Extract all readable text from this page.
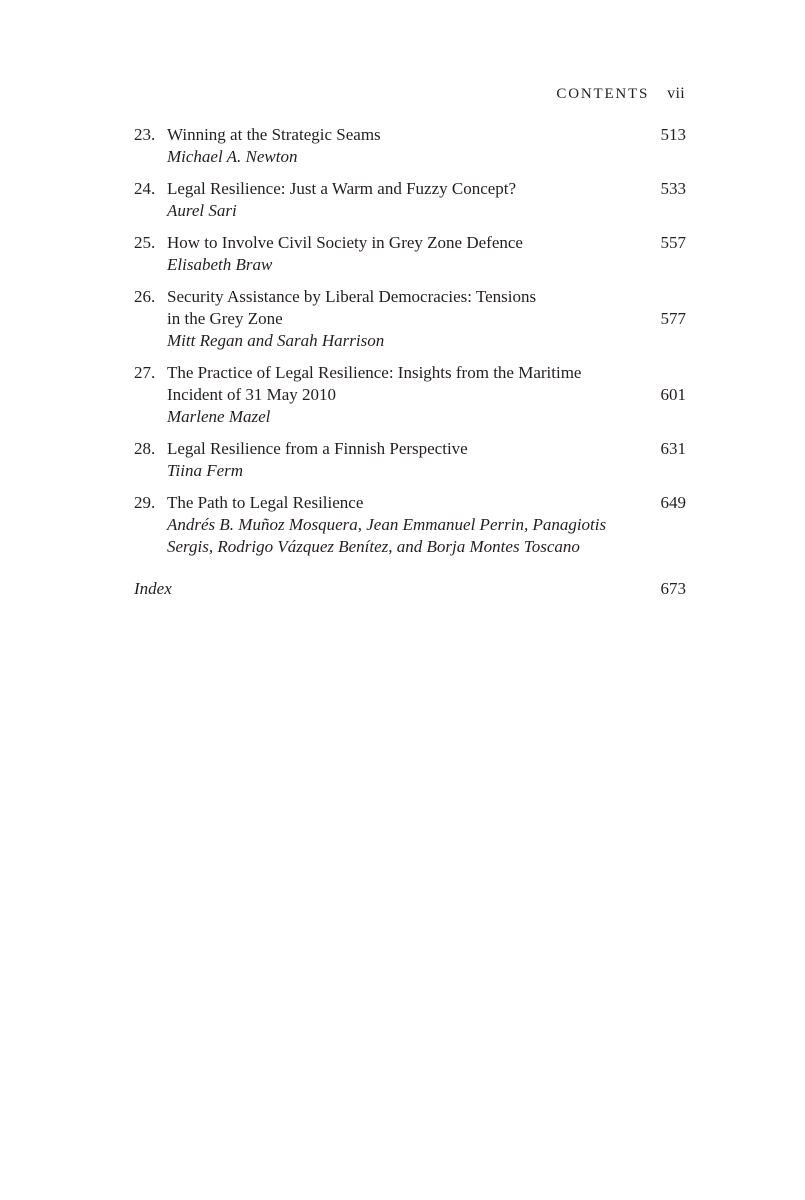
CONTENTS vii
23. Winning at the Strategic Seams
Michael A. Newton
513
24. Legal Resilience: Just a Warm and Fuzzy Concept?
Aurel Sari
533
25. How to Involve Civil Society in Grey Zone Defence
Elisabeth Braw
557
26. Security Assistance by Liberal Democracies: Tensions
in the Grey Zone
Mitt Regan and Sarah Harrison
577
27. The Practice of Legal Resilience: Insights from the Maritime
Incident of 31 May 2010
Marlene Mazel
601
28. Legal Resilience from a Finnish Perspective
Tiina Ferm
631
29. The Path to Legal Resilience
Andrés B. Muñoz Mosquera, Jean Emmanuel Perrin, Panagiotis
Sergis, Rodrigo Vázquez Benítez, and Borja Montes Toscano
649
Index	673
